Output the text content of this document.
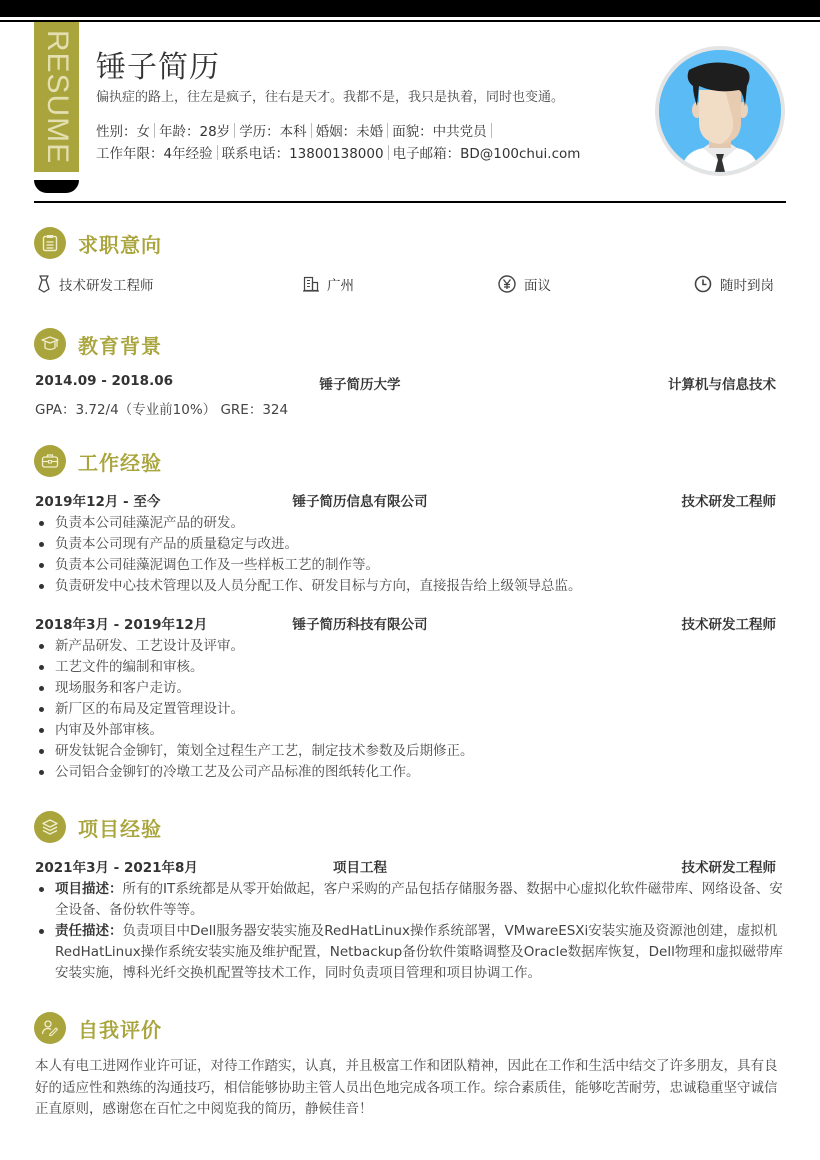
RESUME 锤子简历
偏执症的路上，往左是疯子，往右是天才。我都不是，我只是执着，同时也变通。
性别：女 年龄：28岁 学历：本科 婚姻：未婚 面貌：中共党员
工作年限：4年经验 联系电话：13800138000 电子邮箱：BD@100chui.com
求职意向
技术研发工程师	广州	面议	随时到岗
教育背景
2014.09 - 2018.06	锤子简历大学	计算机与信息技术
GPA：3.72/4（专业前10%） GRE：324
工作经验
2019年12月 - 至今	锤子简历信息有限公司	技术研发工程师
负责本公司硅藻泥产品的研发。
负责本公司现有产品的质量稳定与改进。
负责本公司硅藻泥调色工作及一些样板工艺的制作等。
负责研发中心技术管理以及人员分配工作、研发目标与方向，直接报告给上级领导总监。
2018年3月 - 2019年12月	锤子简历科技有限公司	技术研发工程师
新产品研发、工艺设计及评审。
工艺文件的编制和审核。
现场服务和客户走访。
新厂区的布局及定置管理设计。
内审及外部审核。
研发钛铌合金铆钉，策划全过程生产工艺，制定技术参数及后期修正。
公司铝合金铆钉的冷墩工艺及公司产品标准的图纸转化工作。
项目经验
2021年3月 - 2021年8月	项目工程	技术研发工程师
项目描述：所有的IT系统都是从零开始做起，客户采购的产品包括存储服务器、数据中心虚拟化软件磁带库、网络设备、安全设备、备份软件等等。
责任描述：负责项目中Dell服务器安装实施及RedHatLinux操作系统部署，VMwareESXi安装实施及资源池创建，虚拟机RedHatLinux操作系统安装实施及维护配置，Netbackup备份软件策略调整及Oracle数据库恢复，Dell物理和虚拟磁带库安装实施，博科光纤交换机配置等技术工作，同时负责项目管理和项目协调工作。
自我评价
本人有电工进网作业许可证，对待工作踏实，认真，并且极富工作和团队精神，因此在工作和生活中结交了许多朋友，具有良好的适应性和熟练的沟通技巧，相信能够协助主管人员出色地完成各项工作。综合素质佳，能够吃苦耐劳，忠诚稳重坚守诚信正直原则，感谢您在百忙之中阅览我的简历，静候佳音！
